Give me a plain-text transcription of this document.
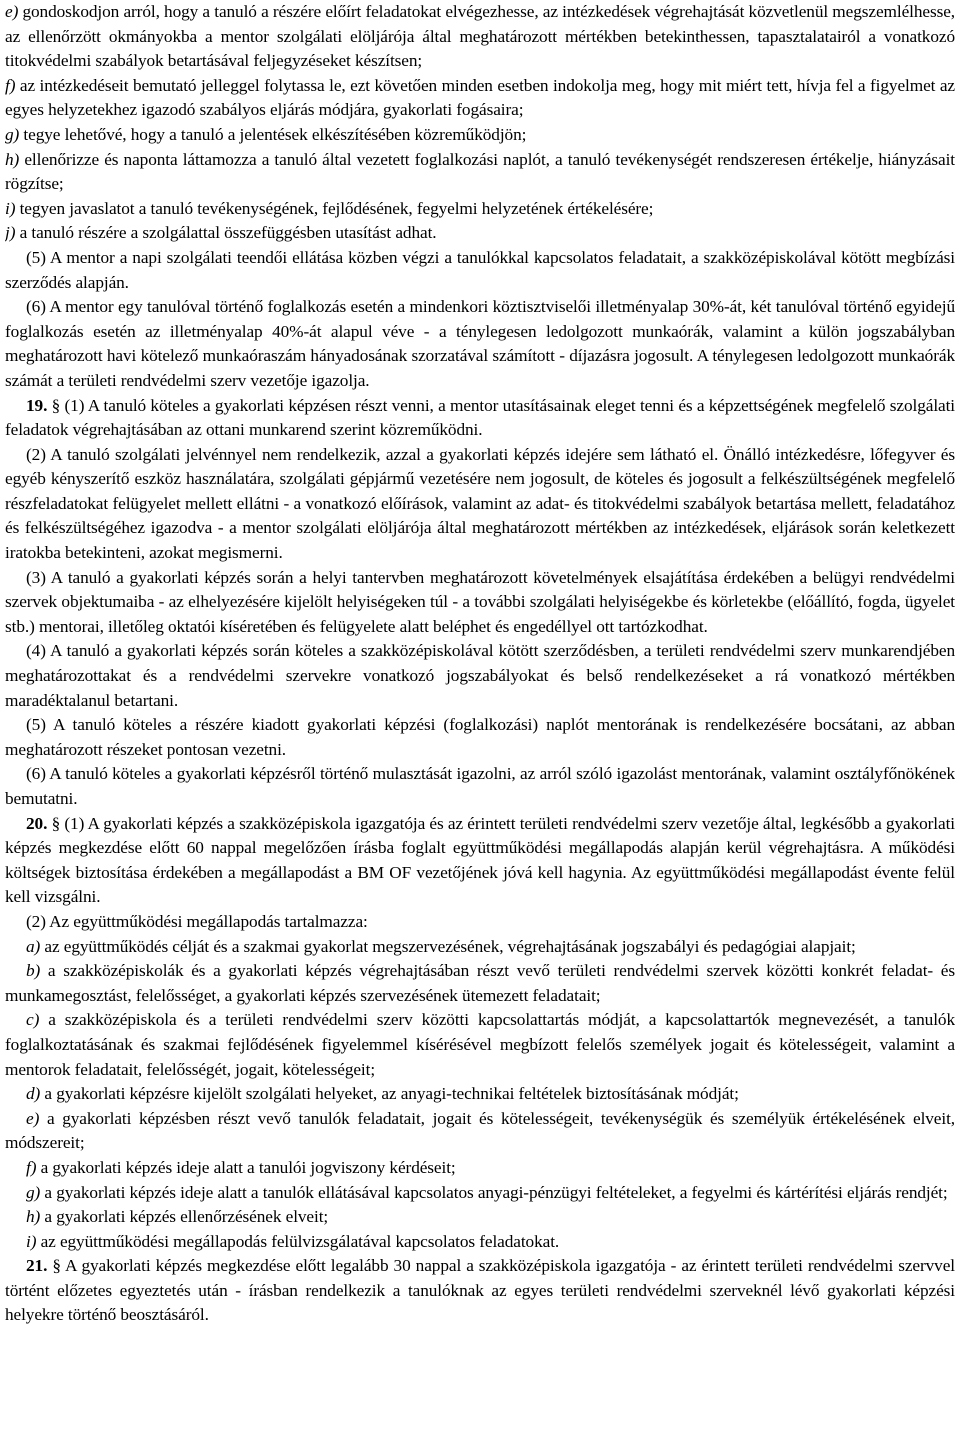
e) gondoskodjon arról, hogy a tanuló a részére előírt feladatokat elvégezhesse, az intézkedések végrehajtását közvetlenül megszemlélhesse, az ellenőrzött okmányokba a mentor szolgálati elöljárója által meghatározott mértékben betekinthessen, tapasztalatairól a vonatkozó titokvédelmi szabályok betartásával feljegyzéseket készítsen;

f) az intézkedéseit bemutató jelleggel folytassa le, ezt követően minden esetben indokolja meg, hogy mit miért tett, hívja fel a figyelmet az egyes helyzetekhez igazodó szabályos eljárás módjára, gyakorlati fogásaira;

g) tegye lehetővé, hogy a tanuló a jelentések elkészítésében közreműködjön;

h) ellenőrizze és naponta láttamozza a tanuló által vezetett foglalkozási naplót, a tanuló tevékenységét rendszeresen értékelje, hiányzásait rögzítse;

i) tegyen javaslatot a tanuló tevékenységének, fejlődésének, fegyelmi helyzetének értékelésére;

j) a tanuló részére a szolgálattal összefüggésben utasítást adhat.

(5) A mentor a napi szolgálati teendői ellátása közben végzi a tanulókkal kapcsolatos feladatait, a szakközépiskolával kötött megbízási szerződés alapján.

(6) A mentor egy tanulóval történő foglalkozás esetén a mindenkori köztisztviselői illetményalap 30%-át, két tanulóval történő egyidejű foglalkozás esetén az illetményalap 40%-át alapul véve - a ténylegesen ledolgozott munkaórák, valamint a külön jogszabályban meghatározott havi kötelező munkaóraszám hányadosának szorzatával számított - díjazásra jogosult. A ténylegesen ledolgozott munkaórák számát a területi rendvédelmi szerv vezetője igazolja.

19. § (1) A tanuló köteles a gyakorlati képzésen részt venni, a mentor utasításainak eleget tenni és a képzettségének megfelelő szolgálati feladatok végrehajtásában az ottani munkarend szerint közreműködni.

(2) A tanuló szolgálati jelvénnyel nem rendelkezik, azzal a gyakorlati képzés idejére sem látható el. Önálló intézkedésre, lőfegyver és egyéb kényszerítő eszköz használatára, szolgálati gépjármű vezetésére nem jogosult, de köteles és jogosult a felkészültségének megfelelő részfeladatokat felügyelet mellett ellátni - a vonatkozó előírások, valamint az adat- és titokvédelmi szabályok betartása mellett, feladatához és felkészültségéhez igazodva - a mentor szolgálati elöljárója által meghatározott mértékben az intézkedések, eljárások során keletkezett iratokba betekinteni, azokat megismerni.

(3) A tanuló a gyakorlati képzés során a helyi tantervben meghatározott követelmények elsajátítása érdekében a belügyi rendvédelmi szervek objektumaiba - az elhelyezésére kijelölt helyiségeken túl - a további szolgálati helyiségekbe és körletekbe (előállító, fogda, ügyelet stb.) mentorai, illetőleg oktatói kíséretében és felügyelete alatt beléphet és engedéllyel ott tartózkodhat.

(4) A tanuló a gyakorlati képzés során köteles a szakközépiskolával kötött szerződésben, a területi rendvédelmi szerv munkarendjében meghatározottakat és a rendvédelmi szervekre vonatkozó jogszabályokat és belső rendelkezéseket a rá vonatkozó mértékben maradéktalanul betartani.

(5) A tanuló köteles a részére kiadott gyakorlati képzési (foglalkozási) naplót mentorának is rendelkezésére bocsátani, az abban meghatározott részeket pontosan vezetni.

(6) A tanuló köteles a gyakorlati képzésről történő mulasztását igazolni, az arról szóló igazolást mentorának, valamint osztályfőnökének bemutatni.

20. § (1) A gyakorlati képzés a szakközépiskola igazgatója és az érintett területi rendvédelmi szerv vezetője által, legkésőbb a gyakorlati képzés megkezdése előtt 60 nappal megelőzően írásba foglalt együttműködési megállapodás alapján kerül végrehajtásra. A működési költségek biztosítása érdekében a megállapodást a BM OF vezetőjének jóvá kell hagynia. Az együttműködési megállapodást évente felül kell vizsgálni.

(2) Az együttműködési megállapodás tartalmazza:

a) az együttműködés célját és a szakmai gyakorlat megszervezésének, végrehajtásának jogszabályi és pedagógiai alapjait;

b) a szakközépiskolák és a gyakorlati képzés végrehajtásában részt vevő területi rendvédelmi szervek közötti konkrét feladat- és munkamegosztást, felelősséget, a gyakorlati képzés szervezésének ütemezett feladatait;

c) a szakközépiskola és a területi rendvédelmi szerv közötti kapcsolattartás módját, a kapcsolattartók megnevezését, a tanulók foglalkoztatásának és szakmai fejlődésének figyelemmel kísérésével megbízott felelős személyek jogait és kötelességeit, valamint a mentorok feladatait, felelősségét, jogait, kötelességeit;

d) a gyakorlati képzésre kijelölt szolgálati helyeket, az anyagi-technikai feltételek biztosításának módját;

e) a gyakorlati képzésben részt vevő tanulók feladatait, jogait és kötelességeit, tevékenységük és személyük értékelésének elveit, módszereit;

f) a gyakorlati képzés ideje alatt a tanulói jogviszony kérdéseit;

g) a gyakorlati képzés ideje alatt a tanulók ellátásával kapcsolatos anyagi-pénzügyi feltételeket, a fegyelmi és kártérítési eljárás rendjét;

h) a gyakorlati képzés ellenőrzésének elveit;

i) az együttműködési megállapodás felülvizsgálatával kapcsolatos feladatokat.

21. § A gyakorlati képzés megkezdése előtt legalább 30 nappal a szakközépiskola igazgatója - az érintett területi rendvédelmi szervvel történt előzetes egyeztetés után - írásban rendelkezik a tanulóknak az egyes területi rendvédelmi szerveknél lévő gyakorlati képzési helyekre történő beosztásáról.
